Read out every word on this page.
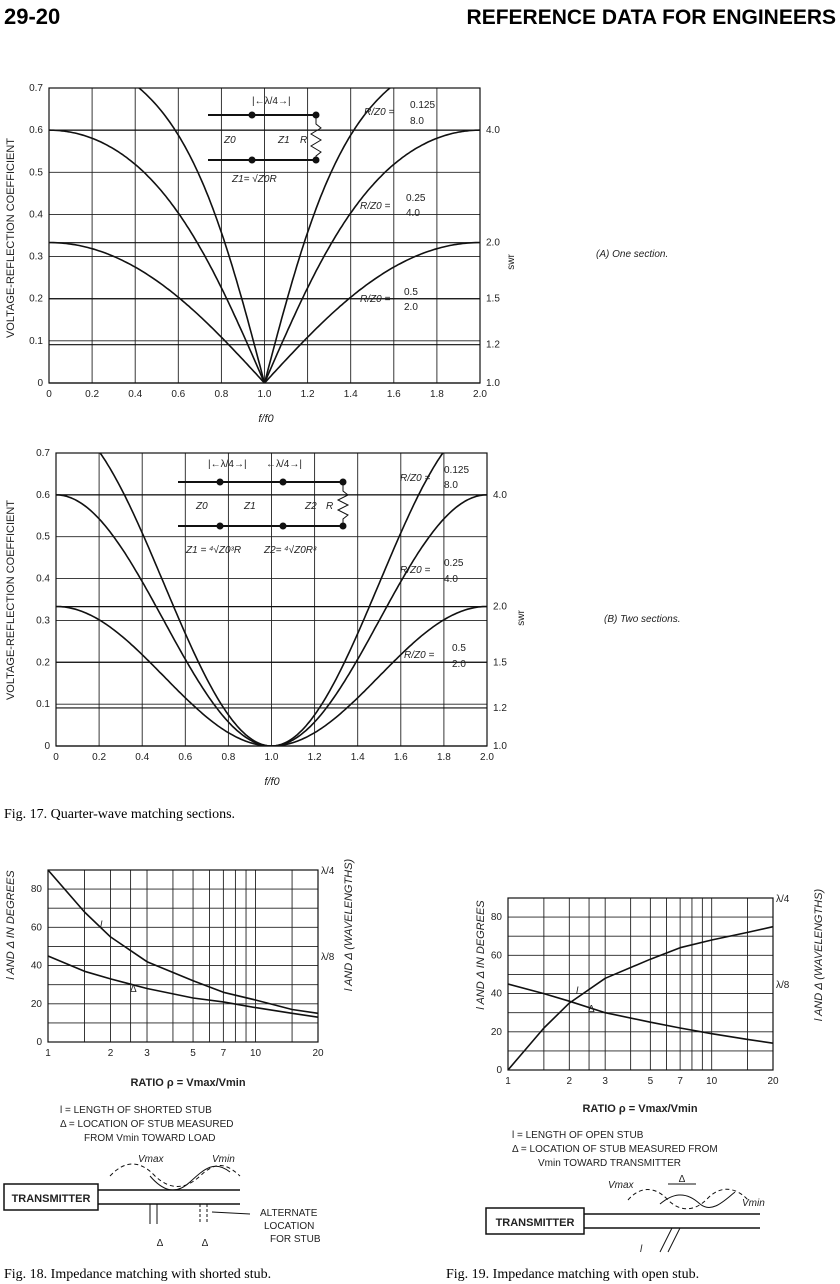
29-20	REFERENCE DATA FOR ENGINEERS
0	0.2	0.4	0.6	0.8	1.0	1.2	1.4	1.6	1.8	2.0
0
0.1
0.2
0.3
0.4
0.5
0.6
0.7
4.0
2.0
1.5
1.2
1.0
VOLTAGE-REFLECTION COEFFICIENT
f/f0
swr	(A) One section.
|←λ/4→|
Z0	Z1 R
Z1= √Z0R
R/Z0 =
0.125
8.0
R/Z0 =
0.25
4.0
R/Z0 =
0.5
2.0
0	0.2	0.4	0.6	0.8	1.0	1.2	1.4	1.6	1.8	2.0
0
0.1
0.2
0.3
0.4
0.5
0.6
0.7
4.0
2.0
1.5
1.2
1.0
VOLTAGE-REFLECTION COEFFICIENT
f/f0
swr	(B) Two sections.
|←λ/4→| ←λ/4→|
Z0	Z1	Z2 R
Z1 = ⁴√Z0³R Z2= ⁴√Z0R³
R/Z0 =
0.125
8.0
R/Z0 =
0.25
4.0
R/Z0 =
0.5
2.0
Fig. 17. Quarter-wave matching sections.
1	2	3	5 7 10	20
0
20
40
60
80
λ/4
λ/8
l AND Δ IN DEGREES	l AND Δ (WAVELENGTHS)
RATIO ρ = Vmax/Vmin
l
Δ
l = LENGTH OF SHORTED STUB
Δ = LOCATION OF STUB MEASURED
FROM Vmin TOWARD LOAD
TRANSMITTER
Vmax	Vmin
Δ	Δ
ALTERNATE
LOCATION
FOR STUB
Fig. 18. Impedance matching with shorted stub.
1	2	3	5 7 10	20
0
20
40
60
80
λ/4
λ/8
l AND Δ IN DEGREES	l AND Δ (WAVELENGTHS)
RATIO ρ = Vmax/Vmin
l
Δ
l = LENGTH OF OPEN STUB
Δ = LOCATION OF STUB MEASURED FROM
Vmin TOWARD TRANSMITTER
TRANSMITTER
Vmax
Vmin
Δ
l
Fig. 19. Impedance matching with open stub.
